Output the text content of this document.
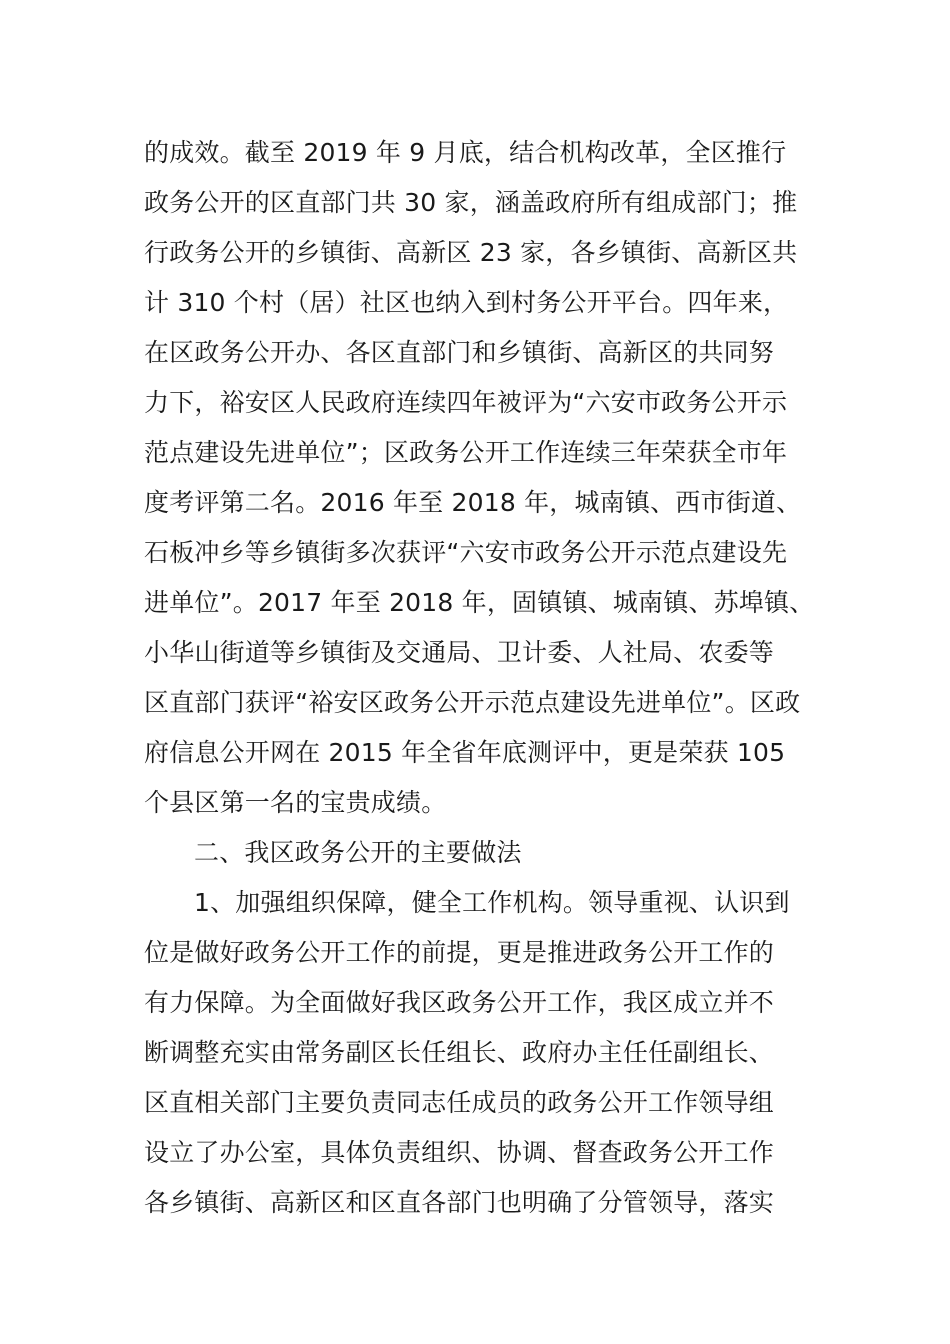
的成效。截至 2019 年 9 月底，结合机构改革，全区推行
政务公开的区直部门共 30 家，涵盖政府所有组成部门；推
行政务公开的乡镇街、高新区 23 家，各乡镇街、高新区共
计 310 个村（居）社区也纳入到村务公开平台。四年来，
在区政务公开办、各区直部门和乡镇街、高新区的共同努
力下，裕安区人民政府连续四年被评为“六安市政务公开示
范点建设先进单位”；区政务公开工作连续三年荣获全市年
度考评第二名。2016 年至 2018 年，城南镇、西市街道、
石板冲乡等乡镇街多次获评“六安市政务公开示范点建设先
进单位”。2017 年至 2018 年，固镇镇、城南镇、苏埠镇、
小华山街道等乡镇街及交通局、卫计委、人社局、农委等
区直部门获评“裕安区政务公开示范点建设先进单位”。区政
府信息公开网在 2015 年全省年底测评中，更是荣获 105
个县区第一名的宝贵成绩。
二、我区政务公开的主要做法
1、加强组织保障，健全工作机构。领导重视、认识到
位是做好政务公开工作的前提，更是推进政务公开工作的
有力保障。为全面做好我区政务公开工作，我区成立并不
断调整充实由常务副区长任组长、政府办主任任副组长、
区直相关部门主要负责同志任成员的政务公开工作领导组
设立了办公室，具体负责组织、协调、督查政务公开工作
各乡镇街、高新区和区直各部门也明确了分管领导，落实
